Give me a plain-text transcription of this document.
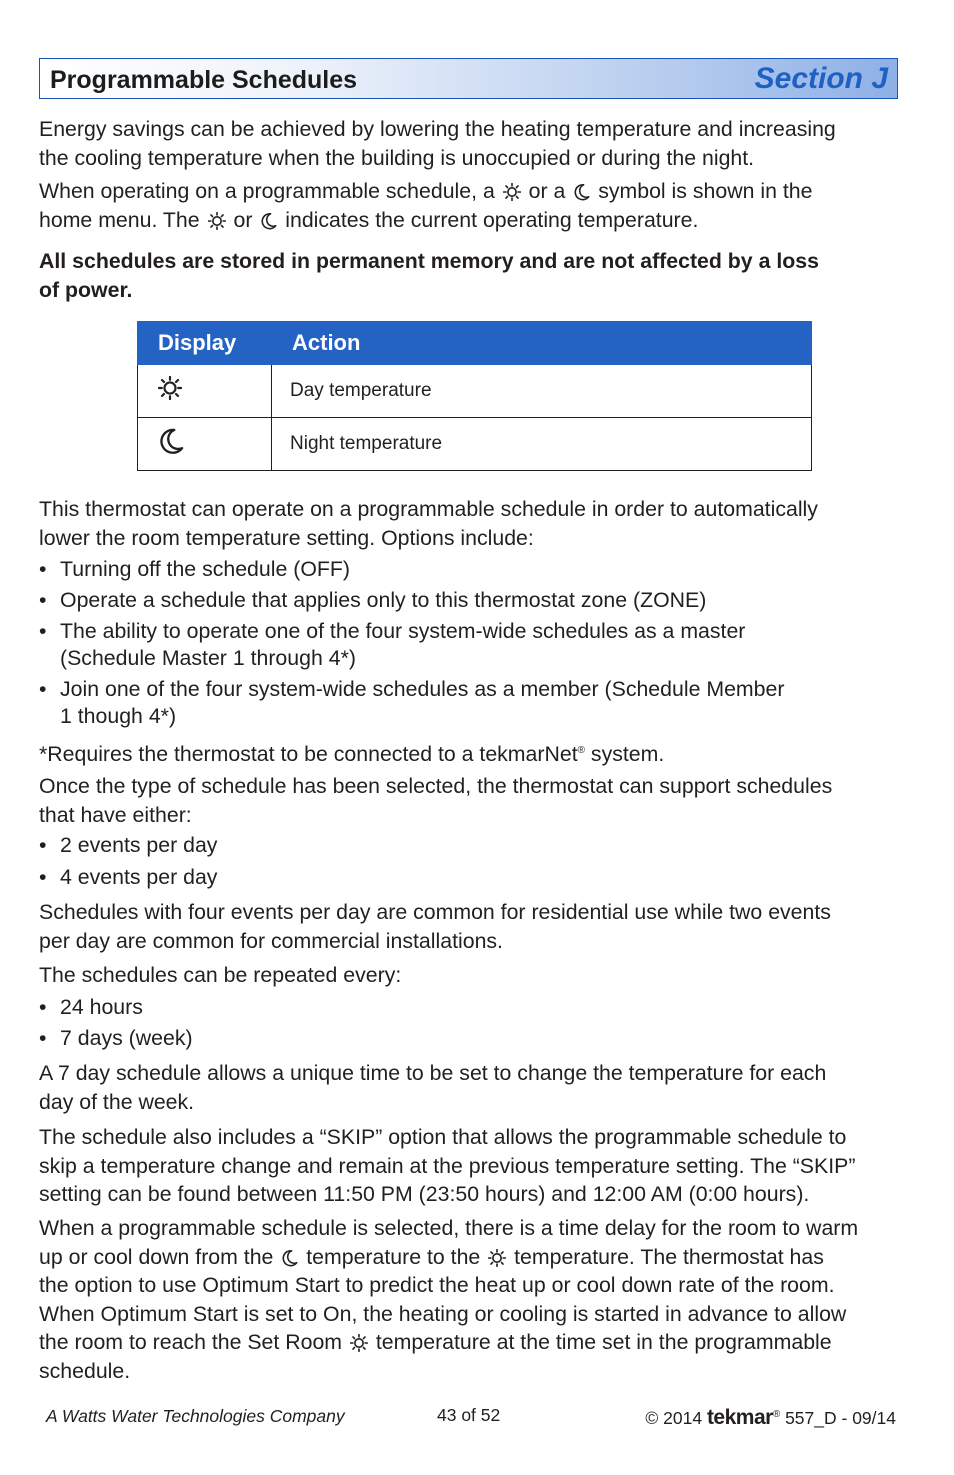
Programmable Schedules	Section J
Energy savings can be achieved by lowering the heating temperature and increasing
the cooling temperature when the building is unoccupied or during the night.
When operating on a programmable schedule, a or a symbol is shown in the
home menu. The or indicates the current operating temperature.
All schedules are stored in permanent memory and are not affected by a loss
of power.
Display	Action
	Day temperature
	Night temperature
This thermostat can operate on a programmable schedule in order to automatically
lower the room temperature setting. Options include:
• Turning off the schedule (OFF)
• Operate a schedule that applies only to this thermostat zone (ZONE)
• The ability to operate one of the four system-wide schedules as a master
(Schedule Master 1 through 4*)
• Join one of the four system-wide schedules as a member (Schedule Member
1 though 4*)
*Requires the thermostat to be connected to a tekmarNet® system.
Once the type of schedule has been selected, the thermostat can support schedules
that have either:
• 2 events per day
• 4 events per day
Schedules with four events per day are common for residential use while two events
per day are common for commercial installations.
The schedules can be repeated every:
• 24 hours
• 7 days (week)
A 7 day schedule allows a unique time to be set to change the temperature for each
day of the week.
The schedule also includes a “SKIP” option that allows the programmable schedule to
skip a temperature change and remain at the previous temperature setting. The “SKIP”
setting can be found between 11:50 PM (23:50 hours) and 12:00 AM (0:00 hours).
When a programmable schedule is selected, there is a time delay for the room to warm
up or cool down from the temperature to the temperature. The thermostat has
the option to use Optimum Start to predict the heat up or cool down rate of the room.
When Optimum Start is set to On, the heating or cooling is started in advance to allow
the room to reach the Set Room temperature at the time set in the programmable
schedule.
A Watts Water Technologies Company	43 of 52	© 2014 tekmar® 557_D - 09/14
